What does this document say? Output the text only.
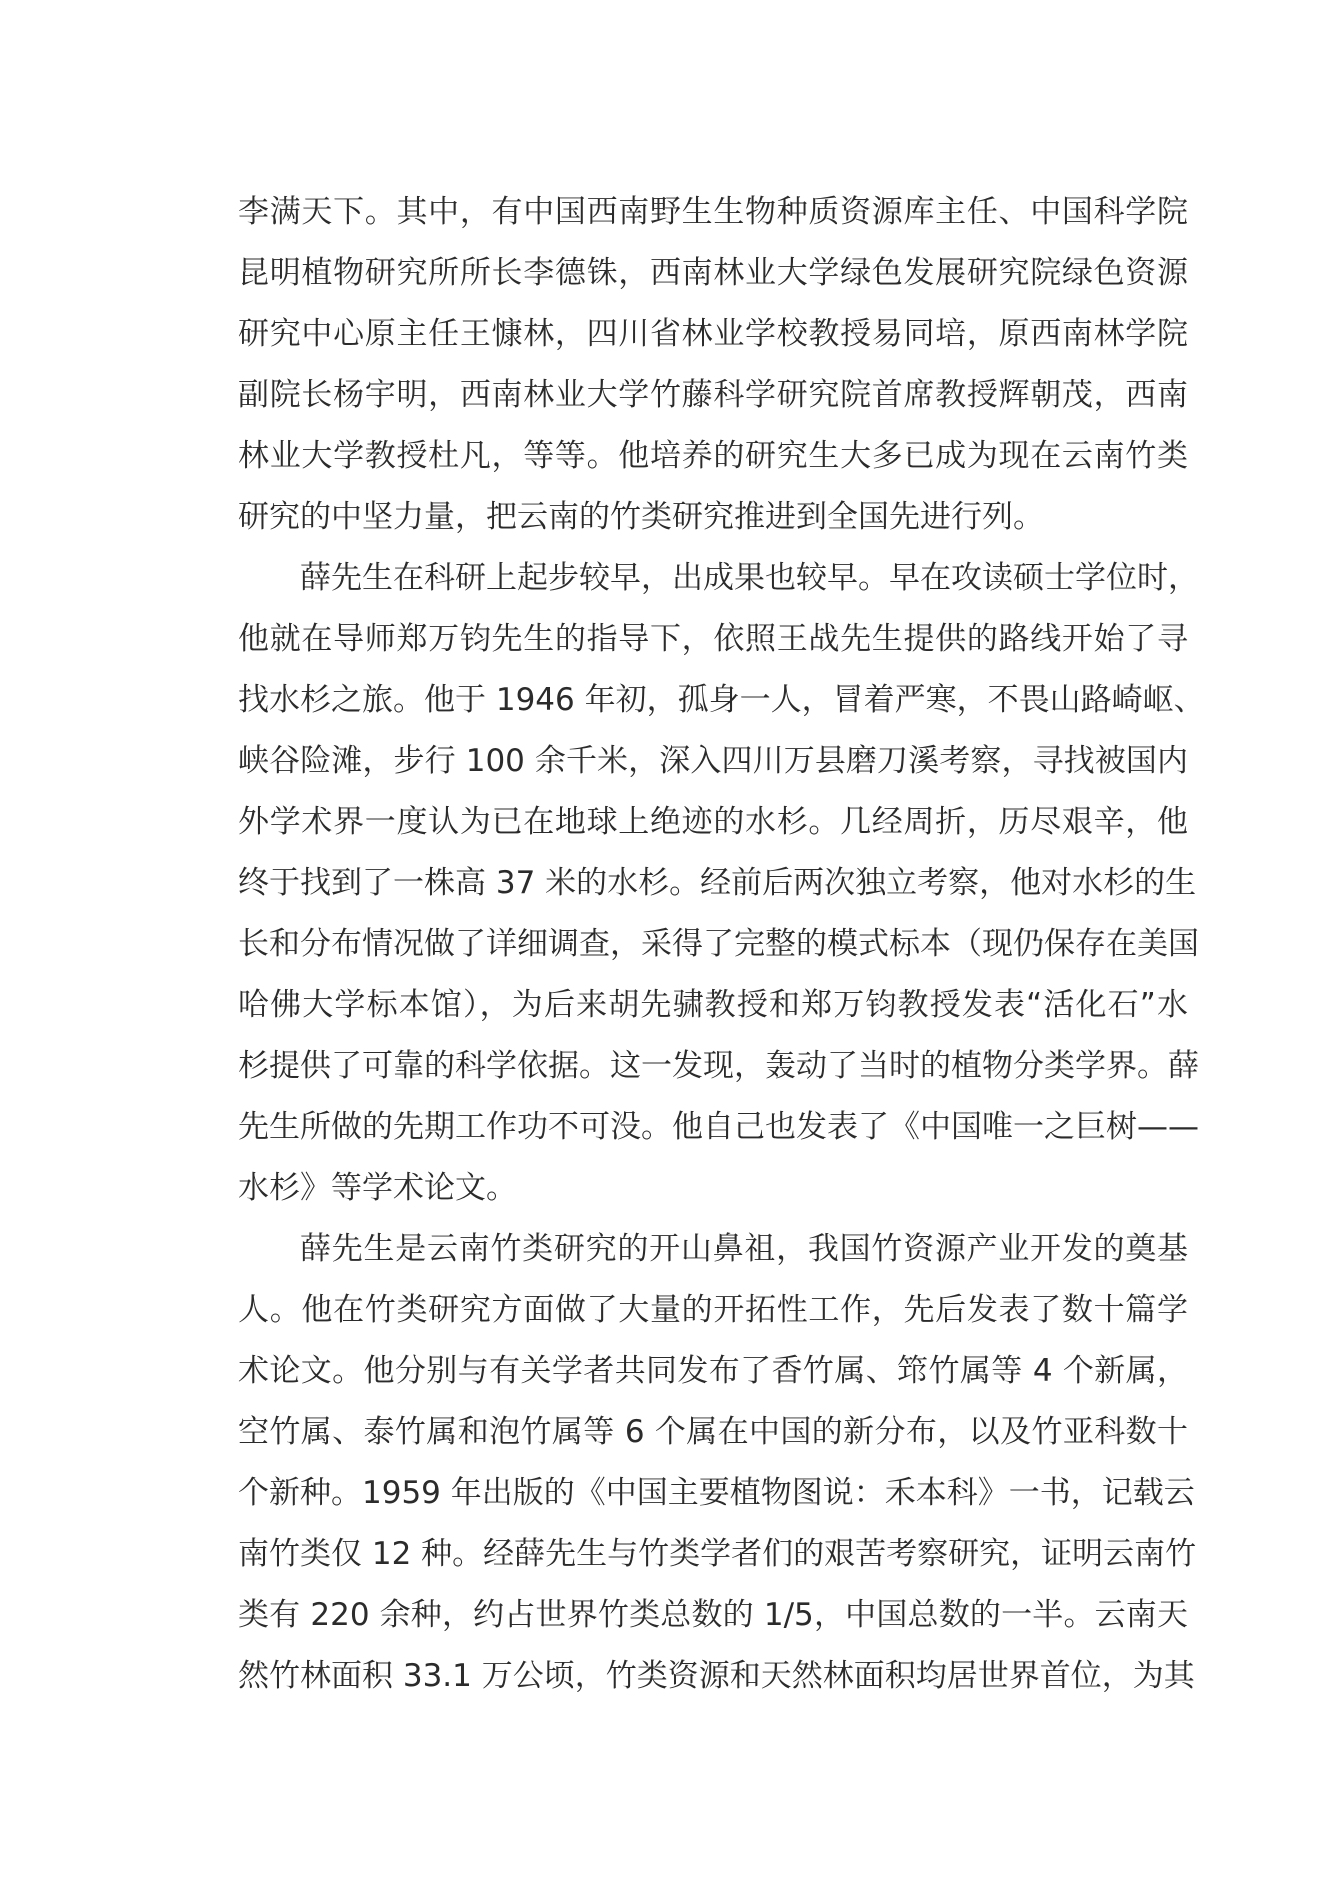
李满天下。其中，有中国西南野生生物种质资源库主任、中国科学院
昆明植物研究所所长李德铢，西南林业大学绿色发展研究院绿色资源
研究中心原主任王慷林，四川省林业学校教授易同培，原西南林学院
副院长杨宇明，西南林业大学竹藤科学研究院首席教授辉朝茂，西南
林业大学教授杜凡，等等。他培养的研究生大多已成为现在云南竹类
研究的中坚力量，把云南的竹类研究推进到全国先进行列。
薛先生在科研上起步较早，出成果也较早。早在攻读硕士学位时，
他就在导师郑万钧先生的指导下，依照王战先生提供的路线开始了寻
找水杉之旅。他于 1946 年初，孤身一人，冒着严寒，不畏山路崎岖、
峡谷险滩，步行 100 余千米，深入四川万县磨刀溪考察，寻找被国内
外学术界一度认为已在地球上绝迹的水杉。几经周折，历尽艰辛，他
终于找到了一株高 37 米的水杉。经前后两次独立考察，他对水杉的生
长和分布情况做了详细调查，采得了完整的模式标本（现仍保存在美国
哈佛大学标本馆），为后来胡先骕教授和郑万钧教授发表“活化石”水
杉提供了可靠的科学依据。这一发现，轰动了当时的植物分类学界。薛
先生所做的先期工作功不可没。他自己也发表了《中国唯一之巨树——
水杉》等学术论文。
薛先生是云南竹类研究的开山鼻祖，我国竹资源产业开发的奠基
人。他在竹类研究方面做了大量的开拓性工作，先后发表了数十篇学
术论文。他分别与有关学者共同发布了香竹属、筇竹属等 4 个新属，
空竹属、泰竹属和泡竹属等 6 个属在中国的新分布，以及竹亚科数十
个新种。1959 年出版的《中国主要植物图说：禾本科》一书，记载云
南竹类仅 12 种。经薛先生与竹类学者们的艰苦考察研究，证明云南竹
类有 220 余种，约占世界竹类总数的 1/5，中国总数的一半。云南天
然竹林面积 33.1 万公顷，竹类资源和天然林面积均居世界首位，为其
